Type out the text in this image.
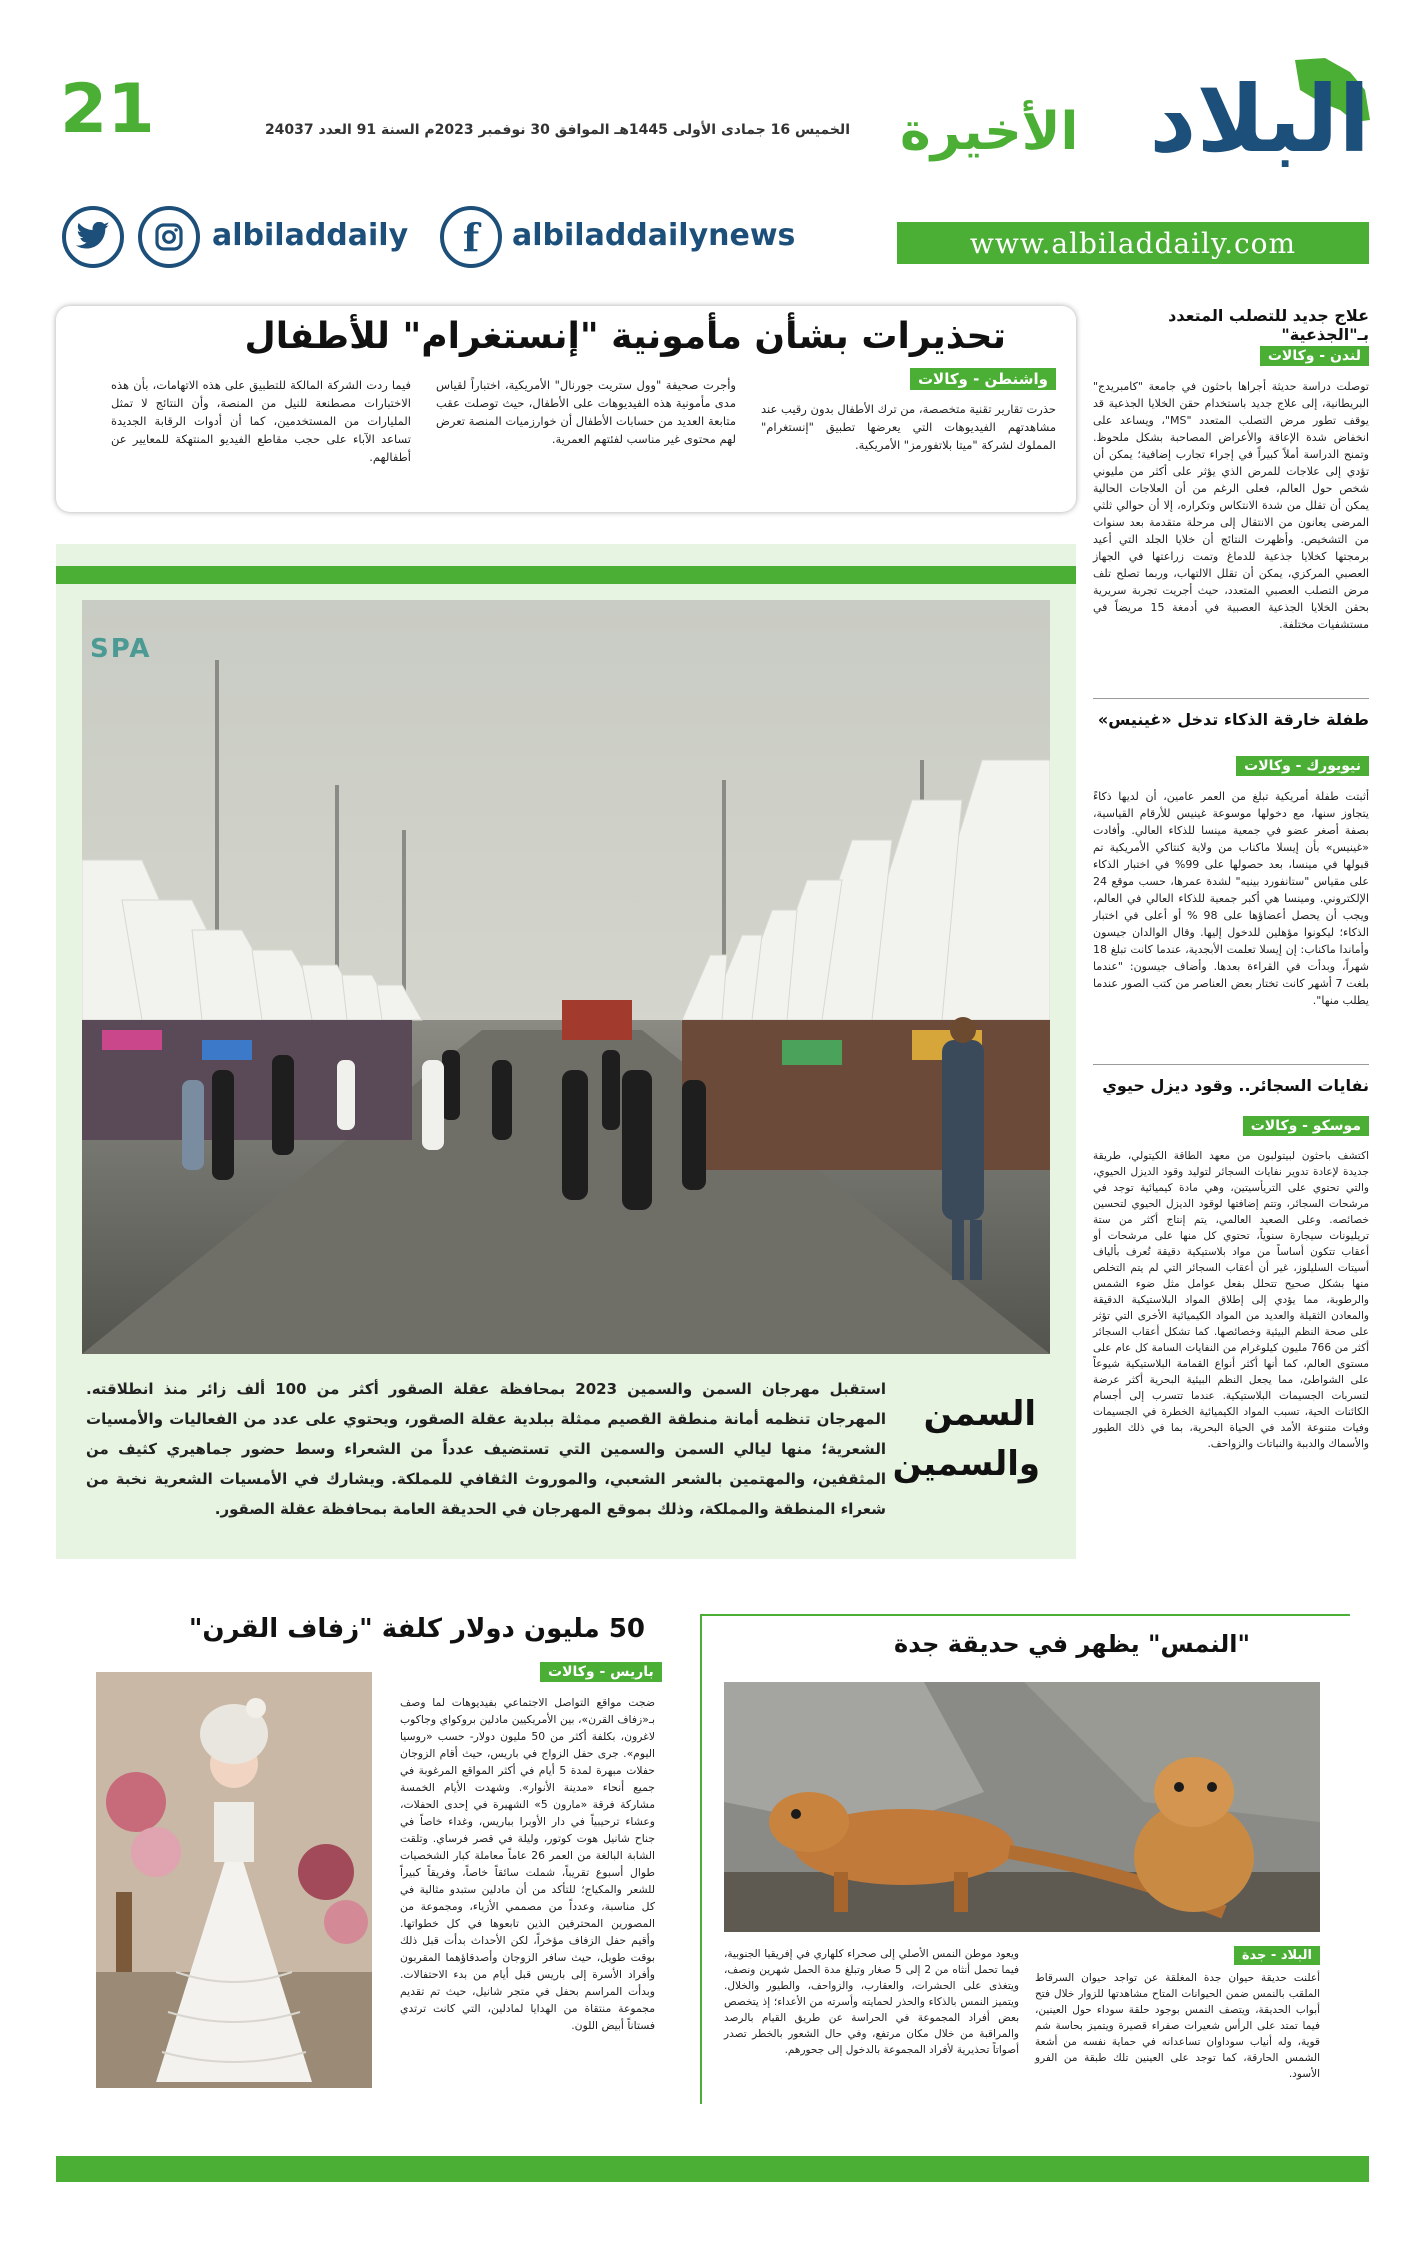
21	الخميس 16 جمادى الأولى 1445هـ الموافق 30 نوفمبر 2023م السنة 91 العدد 24037	البلاد
الأخيرة
albiladdaily	f	albiladdailynews	www.albiladdaily.com
تحذيرات بشأن مأمونية "إنستغرام" للأطفال
واشنطن - وكالات
حذرت تقارير تقنية متخصصة، من ترك الأطفال بدون رقيب عند مشاهدتهم الفيديوهات التي يعرضها تطبيق "إنستغرام" المملوك لشركة "ميتا بلاتفورمز" الأمريكية.
وأجرت صحيفة "وول ستريت جورنال" الأمريكية، اختباراً لقياس مدى مأمونية هذه الفيديوهات على الأطفال، حيث توصلت عقب متابعة العديد من حسابات الأطفال أن خوارزميات المنصة تعرض لهم محتوى غير مناسب لفئتهم العمرية.
فيما ردت الشركة المالكة للتطبيق على هذه الاتهامات، بأن هذه الاختبارات مصطنعة للنيل من المنصة، وأن النتائج لا تمثل المليارات من المستخدمين، كما أن أدوات الرقابة الجديدة تساعد الآباء على حجب مقاطع الفيديو المنتهكة للمعايير عن أطفالهم.
SPA
السمن
والسمين
استقبل مهرجان السمن والسمين 2023 بمحافظة عقلة الصقور أكثر من 100 ألف زائر منذ انطلاقته. المهرجان تنظمه أمانة منطقة القصيم ممثلة ببلدية عقلة الصقور، ويحتوي على عدد من الفعاليات والأمسيات الشعرية؛ منها ليالي السمن والسمين التي تستضيف عدداً من الشعراء وسط حضور جماهيري كثيف من المثقفين، والمهتمين بالشعر الشعبي، والموروث الثقافي للمملكة. ويشارك في الأمسيات الشعرية نخبة من شعراء المنطقة والمملكة، وذلك بموقع المهرجان في الحديقة العامة بمحافظة عقلة الصقور.
علاج جديد للتصلب المتعدد بـ"الجذعية"
لندن - وكالات
توصلت دراسة حديثة أجراها باحثون في جامعة "كامبريدج" البريطانية، إلى علاج جديد باستخدام حقن الخلايا الجذعية قد يوقف تطور مرض التصلب المتعدد "MS"، ويساعد على انخفاض شدة الإعاقة والأعراض المصاحبة بشكل ملحوظ. وتمنح الدراسة أملاً كبيراً في إجراء تجارب إضافية؛ يمكن أن تؤدي إلى علاجات للمرض الذي يؤثر على أكثر من مليوني شخص حول العالم، فعلى الرغم من أن العلاجات الحالية يمكن أن تقلل من شدة الانتكاس وتكراره، إلا أن حوالي ثلثي المرضى يعانون من الانتقال إلى مرحلة متقدمة بعد سنوات من التشخيص. وأظهرت النتائج أن خلايا الجلد التي أعيد برمجتها كخلايا جذعية للدماغ وتمت زراعتها في الجهاز العصبي المركزي، يمكن أن تقلل الالتهاب، وربما تصلح تلف مرض التصلب العصبي المتعدد، حيث أجريت تجربة سريرية بحقن الخلايا الجذعية العصبية في أدمغة 15 مريضاً في مستشفيات مختلفة.
طفلة خارقة الذكاء تدخل «غينيس»
نيويورك - وكالات
أثبتت طفلة أمريكية تبلغ من العمر عامين، أن لديها ذكاءً يتجاوز سنها، مع دخولها موسوعة غينيس للأرقام القياسية، بصفة أصغر عضو في جمعية مينسا للذكاء العالي. وأفادت «غينيس» بأن إيسلا ماكناب من ولاية كنتاكي الأمريكية تم قبولها في مينسا، بعد حصولها على 99% في اختبار الذكاء على مقياس "ستانفورد بينيه" لشدة عمرها، حسب موقع 24 الإلكتروني. ومينسا هي أكبر جمعية للذكاء العالي في العالم، ويجب أن يحصل أعضاؤها على 98 % أو أعلى في اختبار الذكاء؛ ليكونوا مؤهلين للدخول إليها. وقال الوالدان جيسون وأماندا ماكناب: إن إيسلا تعلمت الأبجدية، عندما كانت تبلغ 18 شهراً، وبدأت في القراءة بعدها. وأضاف جيسون: "عندما بلغت 7 أشهر كانت تختار بعض العناصر من كتب الصور عندما يطلب منها".
نفايات السجائر.. وقود ديزل حيوي
موسكو - وكالات
اكتشف باحثون لبيتولبون من معهد الطاقة الكيتولي، طريقة جديدة لإعادة تدوير نفايات السجائر لتوليد وقود الديزل الحيوي، والتي تحتوي على التريأسيتين، وهي مادة كيميائية توجد في مرشحات السجائر، وتتم إضافتها لوقود الديزل الحيوي لتحسين خصائصه. وعلى الصعيد العالمي، يتم إنتاج أكثر من ستة تريليونات سيجارة سنوياً، تحتوي كل منها على مرشحات أو أعقاب تتكون أساساً من مواد بلاستيكية دقيقة تُعرف بألياف أسيتات السليلوز، غير أن أعقاب السجائر التي لم يتم التخلص منها بشكل صحيح تتحلل بفعل عوامل مثل ضوء الشمس والرطوبة، مما يؤدي إلى إطلاق المواد البلاستيكية الدقيقة والمعادن الثقيلة والعديد من المواد الكيميائية الأخرى التي تؤثر على صحة النظم البيئية وخصائصها. كما تشكل أعقاب السجائر أكثر من 766 مليون كيلوغرام من النفايات السامة كل عام على مستوى العالم، كما أنها أكثر أنواع القمامة البلاستيكية شيوعاً على الشواطئ، مما يجعل النظم البيئية البحرية أكثر عرضة لتسربات الجسيمات البلاستيكية. عندما تتسرب إلى أجسام الكائنات الحية، تسبب المواد الكيميائية الخطرة في الجسيمات وفيات متنوعة الأمد في الحياة البحرية، بما في ذلك الطيور والأسماك والدببة والنباتات والزواحف.
50 مليون دولار كلفة "زفاف القرن"
باريس - وكالات
ضجت مواقع التواصل الاجتماعي بفيديوهات لما وصف بـ«زفاف القرن»، بين الأمريكيين مادلين بروكواي وجاكوب لاغرون، بكلفة أكثر من 50 مليون دولار- حسب «روسيا اليوم». جرى حفل الزواج في باريس، حيث أقام الزوجان حفلات مبهرة لمدة 5 أيام في أكثر المواقع المرغوبة في جميع أنحاء «مدينة الأنوار». وشهدت الأيام الخمسة مشاركة فرقة «مارون 5» الشهيرة في إحدى الحفلات، وعشاء ترحيبياً في دار الأوبرا بباريس، وغداء خاصاً في جناح شانيل هوت كوتور، وليلة في قصر فرساي. وتلقت الشابة البالغة من العمر 26 عاماً معاملة كبار الشخصيات طوال أسبوع تقريباً، شملت سائقاً خاصاً، وفريقاً كبيراً للشعر والمكياج؛ للتأكد من أن مادلين ستبدو مثالية في كل مناسبة، وعدداً من مصممي الأزياء، ومجموعة من المصورين المحترفين الذين تابعوها في كل خطواتها. وأقيم حفل الزفاف مؤخراً، لكن الأحداث بدأت قبل ذلك بوقت طويل، حيث سافر الزوجان وأصدقاؤهما المقربون وأفراد الأسرة إلى باريس قبل أيام من بدء الاحتفالات. وبدأت المراسم بحفل في متجر شانيل، حيث تم تقديم مجموعة منتقاة من الهدايا لمادلين، التي كانت ترتدي فستاناً أبيض اللون.
"النمس" يظهر في حديقة جدة
البلاد - جدة
أعلنت حديقة حيوان جدة المغلقة عن تواجد حيوان السرقاط الملقب بالنمس ضمن الحيوانات المتاح مشاهدتها للزوار خلال فتح أبواب الحديقة، ويتصف النمس بوجود حلقة سوداء حول العينين، فيما تمتد على الرأس شعيرات صفراء قصيرة ويتميز بحاسة شم قوية، وله أنياب سوداوان تساعدانه في حماية نفسه من أشعة الشمس الحارقة، كما توجد على العينين تلك طبقة من الفرو الأسود.
ويعود موطن النمس الأصلي إلى صحراء كلهاري في إفريقيا الجنوبية، فيما تحمل أنثاه من 2 إلى 5 صغار وتبلغ مدة الحمل شهرين ونصف، ويتغذى على الحشرات، والعقارب، والزواحف، والطيور والخلال. ويتميز النمس بالذكاء والحذر لحمايته وأسرته من الأعداء؛ إذ يتخصص بعض أفراد المجموعة في الحراسة عن طريق القيام بالرصد والمراقبة من خلال مكان مرتفع، وفي حال الشعور بالخطر تصدر أصواتاً تحذيرية لأفراد المجموعة بالدخول إلى جحورهم.
